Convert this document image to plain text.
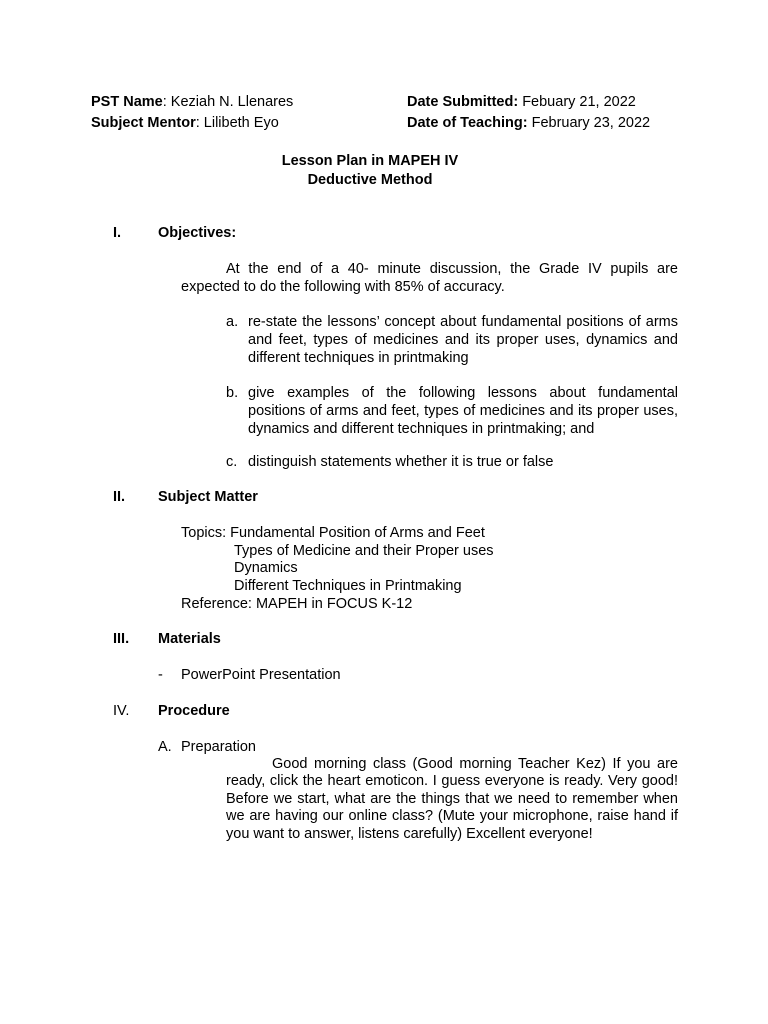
PST Name: Keziah N. Llenares
Subject Mentor: Lilibeth Eyo
Date Submitted: Febuary 21, 2022
Date of Teaching: February 23, 2022
Lesson Plan in MAPEH IV
Deductive Method
I.	Objectives:
At the end of a 40- minute discussion, the Grade IV pupils are
expected to do the following with 85% of accuracy.
a. re-state the lessons’ concept about fundamental positions of arms and feet, types of medicines and its proper uses, dynamics and different techniques in printmaking
b. give examples of the following lessons about fundamental positions of arms and feet, types of medicines and its proper uses, dynamics and different techniques in printmaking; and
c. distinguish statements whether it is true or false
II. Subject Matter
Topics: Fundamental Position of Arms and Feet
Types of Medicine and their Proper uses
Dynamics
Different Techniques in Printmaking
Reference: MAPEH in FOCUS K-12
III. Materials
- PowerPoint Presentation
IV. Procedure
A. Preparation
Good morning class (Good morning Teacher Kez) If you are
ready, click the heart emoticon. I guess everyone is ready. Very good! Before we start, what are the things that we need to remember when we are having our online class? (Mute your microphone, raise hand if you want to answer, listens carefully) Excellent everyone!
